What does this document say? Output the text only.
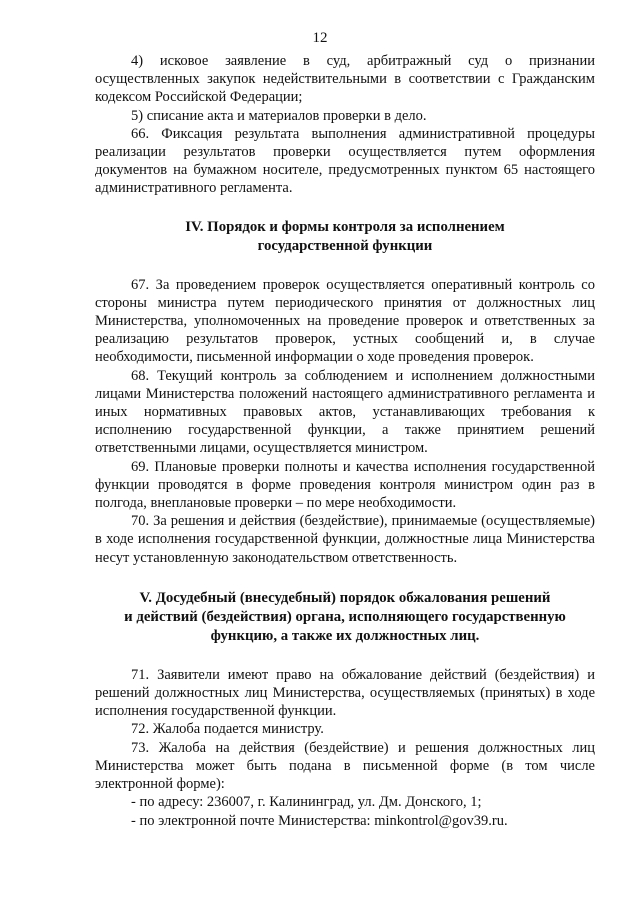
12

4) исковое заявление в суд, арбитражный суд о признании осуществленных закупок недействительными в соответствии с Гражданским кодексом Российской Федерации;

5) списание акта и материалов проверки в дело.

66. Фиксация результата выполнения административной процедуры реализации результатов проверки осуществляется путем оформления документов на бумажном носителе, предусмотренных пунктом 65 настоящего административного регламента.

IV. Порядок и формы контроля за исполнением
государственной функции

67. За проведением проверок осуществляется оперативный контроль со стороны министра путем периодического принятия от должностных лиц Министерства, уполномоченных на проведение проверок и ответственных за реализацию результатов проверок, устных сообщений и, в случае необходимости, письменной информации о ходе проведения проверок.

68. Текущий контроль за соблюдением и исполнением должностными лицами Министерства положений настоящего административного регламента и иных нормативных правовых актов, устанавливающих требования к исполнению государственной функции, а также принятием решений ответственными лицами, осуществляется министром.

69. Плановые проверки полноты и качества исполнения государственной функции проводятся в форме проведения контроля министром один раз в полгода, внеплановые проверки – по мере необходимости.

70. За решения и действия (бездействие), принимаемые (осуществляемые) в ходе исполнения государственной функции, должностные лица Министерства несут установленную законодательством ответственность.

V. Досудебный (внесудебный) порядок обжалования решений
и действий (бездействия) органа, исполняющего государственную
функцию, а также их должностных лиц.

71. Заявители имеют право на обжалование действий (бездействия) и решений должностных лиц Министерства, осуществляемых (принятых) в ходе исполнения государственной функции.

72. Жалоба подается министру.

73. Жалоба на действия (бездействие) и решения должностных лиц Министерства может быть подана в письменной форме (в том числе электронной форме):

- по адресу: 236007, г. Калининград, ул. Дм. Донского, 1;

- по электронной почте Министерства: minkontrol@gov39.ru.
